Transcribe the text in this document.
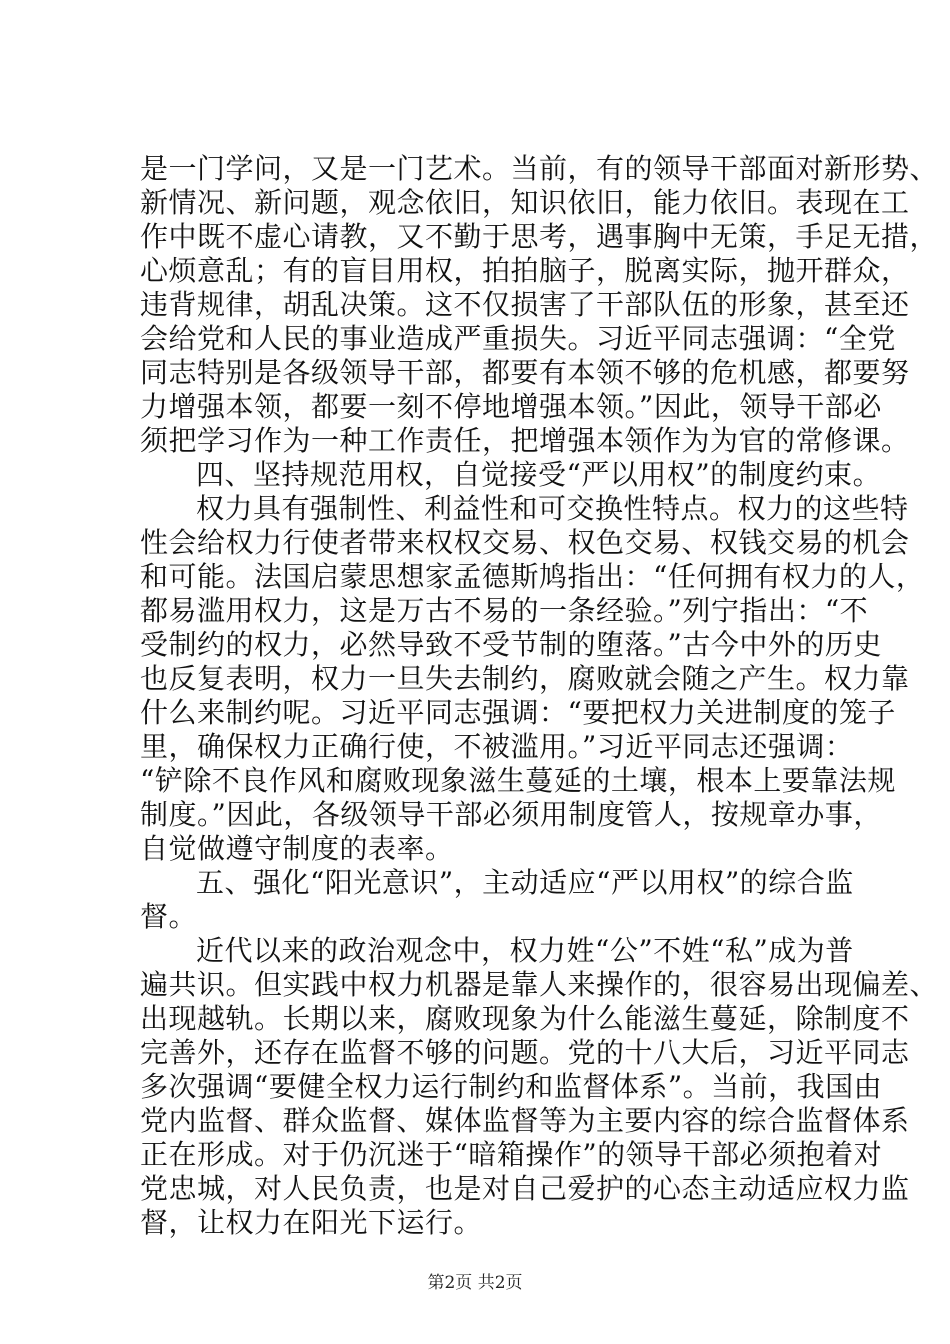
是一门学问，又是一门艺术。当前，有的领导干部面对新形势、
新情况、新问题，观念依旧，知识依旧，能力依旧。表现在工
作中既不虚心请教，又不勤于思考，遇事胸中无策，手足无措，
心烦意乱；有的盲目用权，拍拍脑子，脱离实际，抛开群众，
违背规律，胡乱决策。这不仅损害了干部队伍的形象，甚至还
会给党和人民的事业造成严重损失。习近平同志强调：“全党
同志特别是各级领导干部，都要有本领不够的危机感，都要努
力增强本领，都要一刻不停地增强本领。”因此，领导干部必
须把学习作为一种工作责任，把增强本领作为为官的常修课。
四、坚持规范用权，自觉接受“严以用权”的制度约束。
权力具有强制性、利益性和可交换性特点。权力的这些特
性会给权力行使者带来权权交易、权色交易、权钱交易的机会
和可能。法国启蒙思想家孟德斯鸠指出：“任何拥有权力的人，
都易滥用权力，这是万古不易的一条经验。”列宁指出：“不
受制约的权力，必然导致不受节制的堕落。”古今中外的历史
也反复表明，权力一旦失去制约，腐败就会随之产生。权力靠
什么来制约呢。习近平同志强调：“要把权力关进制度的笼子
里，确保权力正确行使，不被滥用。”习近平同志还强调：
“铲除不良作风和腐败现象滋生蔓延的土壤，根本上要靠法规
制度。”因此，各级领导干部必须用制度管人，按规章办事，
自觉做遵守制度的表率。
五、强化“阳光意识”，主动适应“严以用权”的综合监
督。
近代以来的政治观念中，权力姓“公”不姓“私”成为普
遍共识。但实践中权力机器是靠人来操作的，很容易出现偏差、
出现越轨。长期以来，腐败现象为什么能滋生蔓延，除制度不
完善外，还存在监督不够的问题。党的十八大后，习近平同志
多次强调“要健全权力运行制约和监督体系”。当前，我国由
党内监督、群众监督、媒体监督等为主要内容的综合监督体系
正在形成。对于仍沉迷于“暗箱操作”的领导干部必须抱着对
党忠城，对人民负责，也是对自己爱护的心态主动适应权力监
督，让权力在阳光下运行。
第2页 共2页
